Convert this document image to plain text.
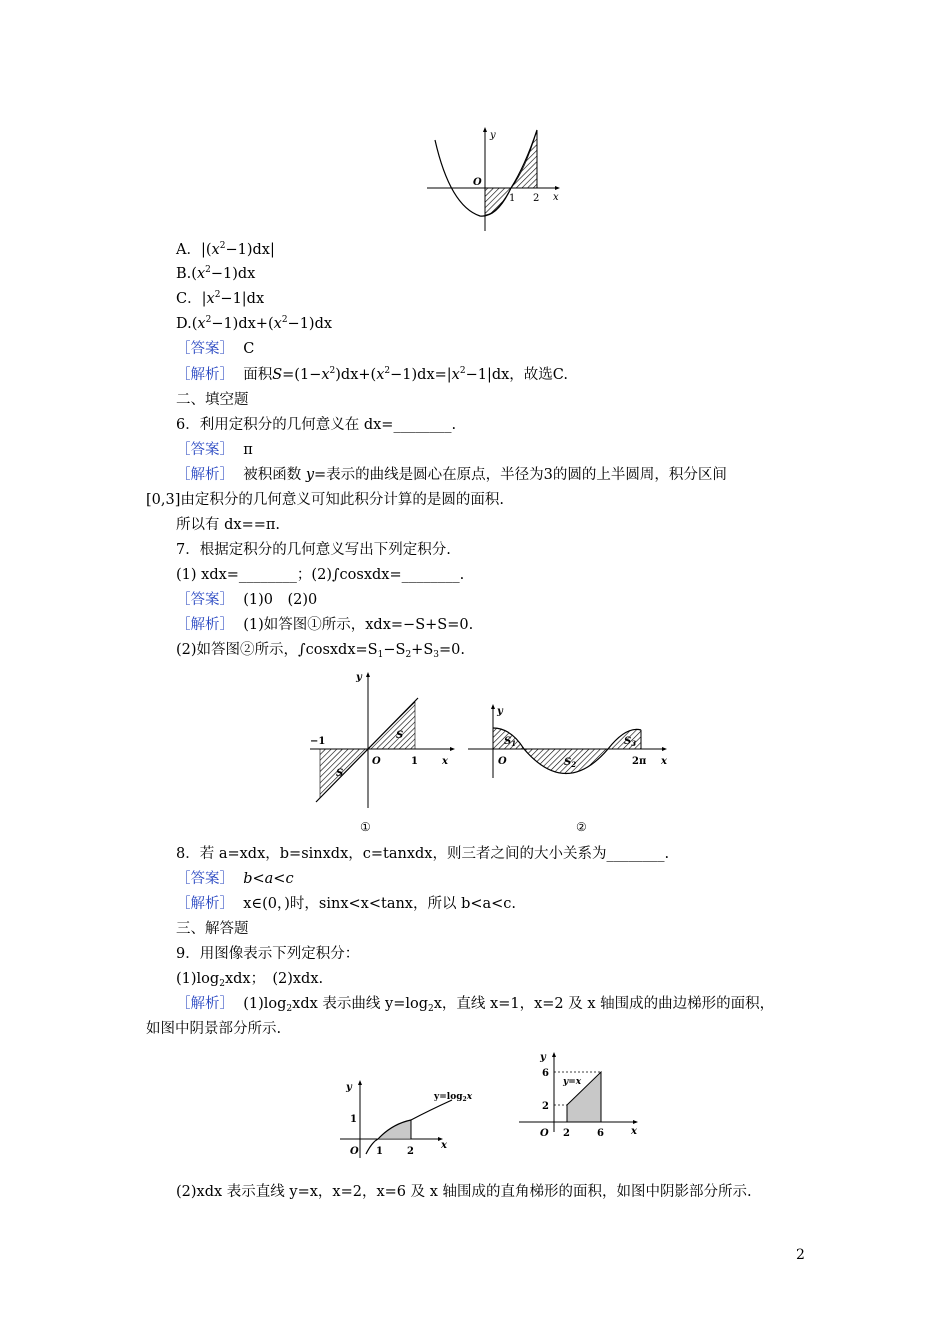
y
O
x
1 2
A．$|(x^2-1)dx|$
$B.(x^2-1)dx$
C．$|x^2-1|dx$
$D.(x^2-1)dx+(x^2-1)dx$
［答案］ C
［解析］ 面积$S=(1-x^2)dx+(x^2-1)dx=|x^2-1|dx$，故选C.
二、填空题
6．利用定积分的几何意义在 dx=________.
［答案］ π
［解析］ 被积函数 y=表示的曲线是圆心在原点，半径为3的圆的上半圆周，积分区间
[0,3]由定积分的几何意义可知此积分计算的是圆的面积.
所以有 dx==π.
7．根据定积分的几何意义写出下列定积分.
(1) xdx=________；(2)∫cosxdx=________.
［答案］ (1)0　(2)0
［解析］ (1)如答图①所示，xdx=−S+S=0.
(2)如答图②所示，$\int cosxdx=S_1-S_2+S_3=0$.
y
x
O
−1
1
S
S
①
y
x
O	2π
$S_1$
$S_2$
$S_3$
②
8．若 a=xdx，b=sinxdx，c=tanxdx，则三者之间的大小关系为________.
［答案］ b<a<c
［解析］ x∈(0，)时，sinx<x<tanx，所以 b<a<c.
三、解答题
9．用图像表示下列定积分：
$(1)\log_2xdx$；　(2)xdx.
［解析］ $(1)\log_2xdx$ 表示曲线 $y=\log_2x$，直线 x=1，x=2 及 x 轴围成的曲边梯形的面积，
如图中阴景部分所示.
y
x
O
1
1 2
$y=\log_2x$
y
x
O
6
2
2	6
y=x
(2)xdx 表示直线 y=x，x=2，x=6 及 x 轴围成的直角梯形的面积，如图中阴影部分所示.
2
